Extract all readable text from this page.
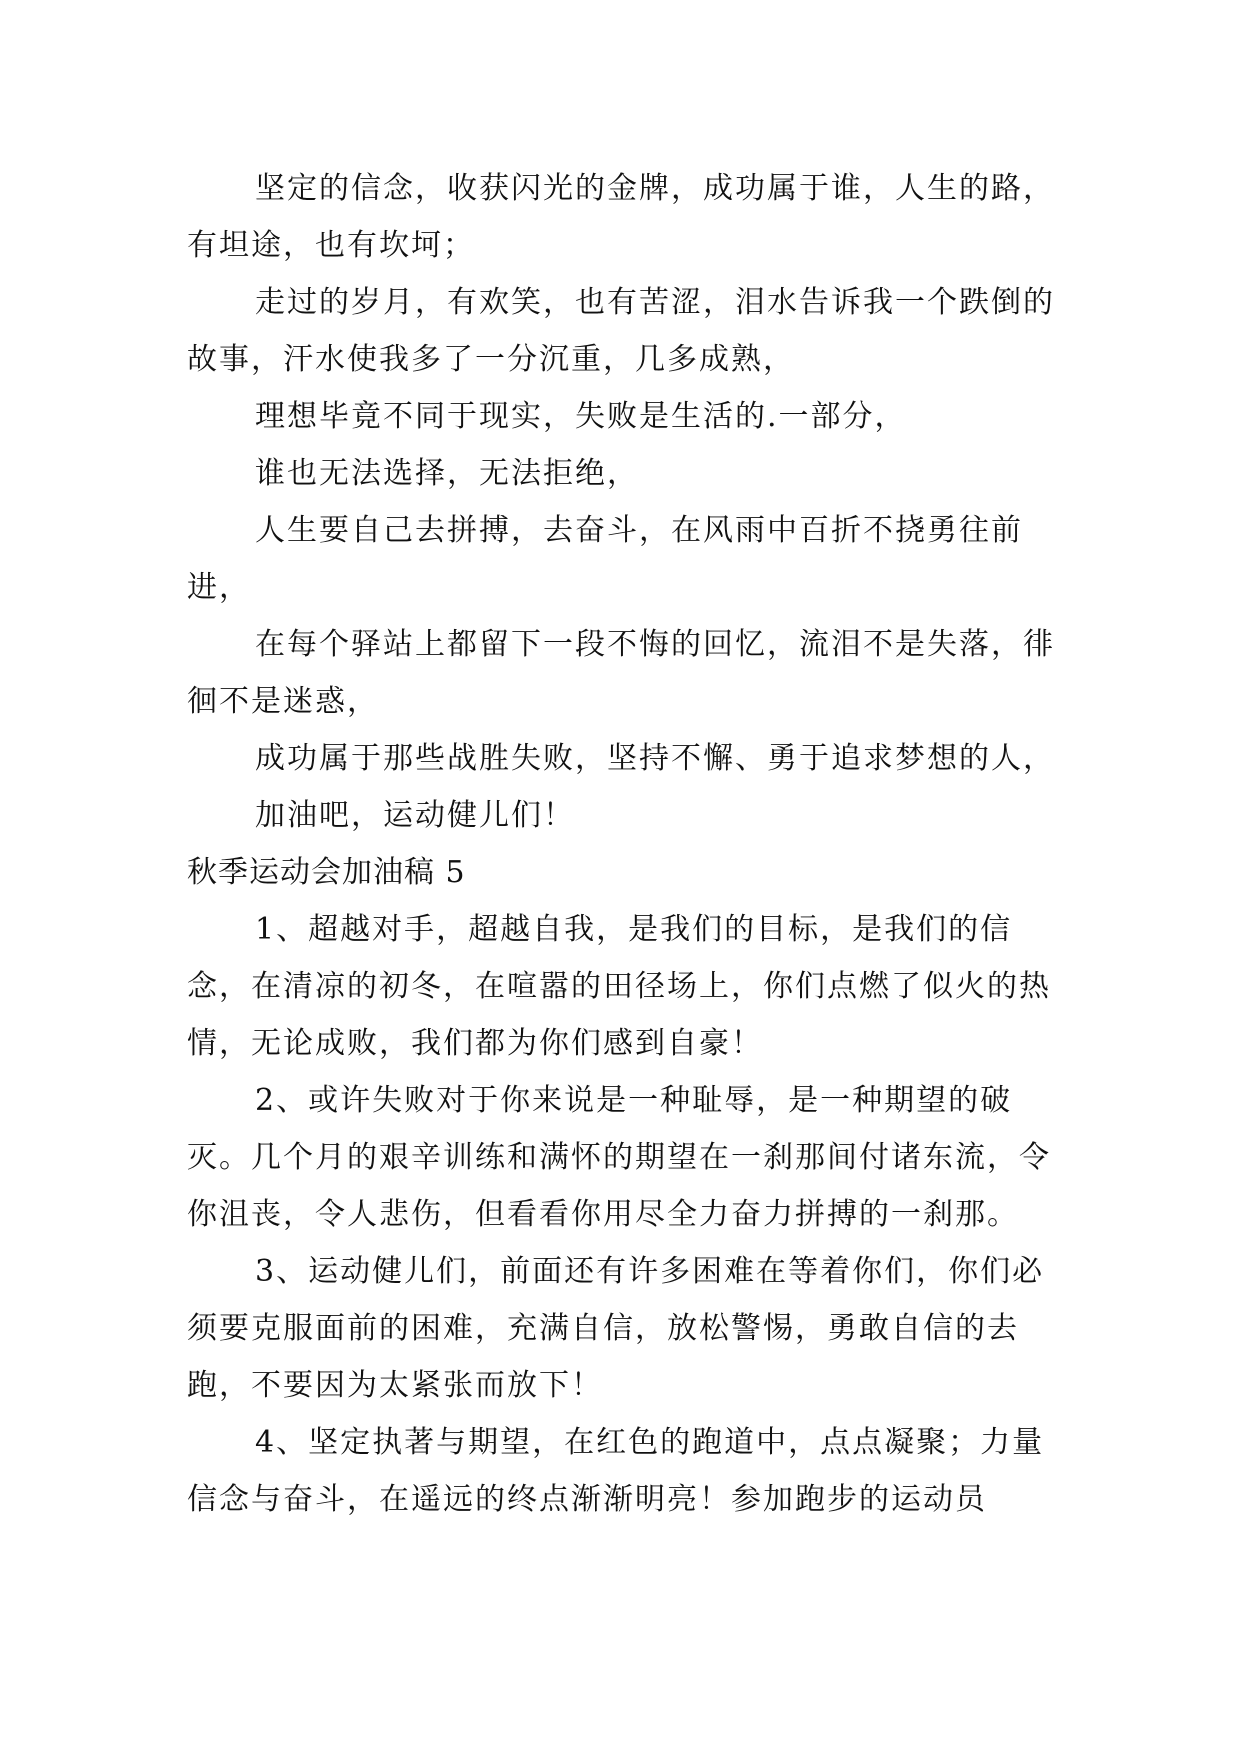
坚定的信念，收获闪光的金牌，成功属于谁，人生的路，有坦途，也有坎坷；

走过的岁月，有欢笑，也有苦涩，泪水告诉我一个跌倒的故事，汗水使我多了一分沉重，几多成熟，

理想毕竟不同于现实，失败是生活的.一部分，

谁也无法选择，无法拒绝，

人生要自己去拼搏，去奋斗，在风雨中百折不挠勇往前进，

在每个驿站上都留下一段不悔的回忆，流泪不是失落，徘徊不是迷惑，

成功属于那些战胜失败，坚持不懈、勇于追求梦想的人，

加油吧，运动健儿们！

秋季运动会加油稿 5

1、超越对手，超越自我，是我们的目标，是我们的信念，在清凉的初冬，在喧嚣的田径场上，你们点燃了似火的热情，无论成败，我们都为你们感到自豪！

2、或许失败对于你来说是一种耻辱，是一种期望的破灭。几个月的艰辛训练和满怀的期望在一刹那间付诸东流，令你沮丧，令人悲伤，但看看你用尽全力奋力拼搏的一刹那。

3、运动健儿们，前面还有许多困难在等着你们，你们必须要克服面前的困难，充满自信，放松警惕，勇敢自信的去跑，不要因为太紧张而放下！

4、坚定执著与期望，在红色的跑道中，点点凝聚；力量信念与奋斗，在遥远的终点渐渐明亮！参加跑步的运动员
